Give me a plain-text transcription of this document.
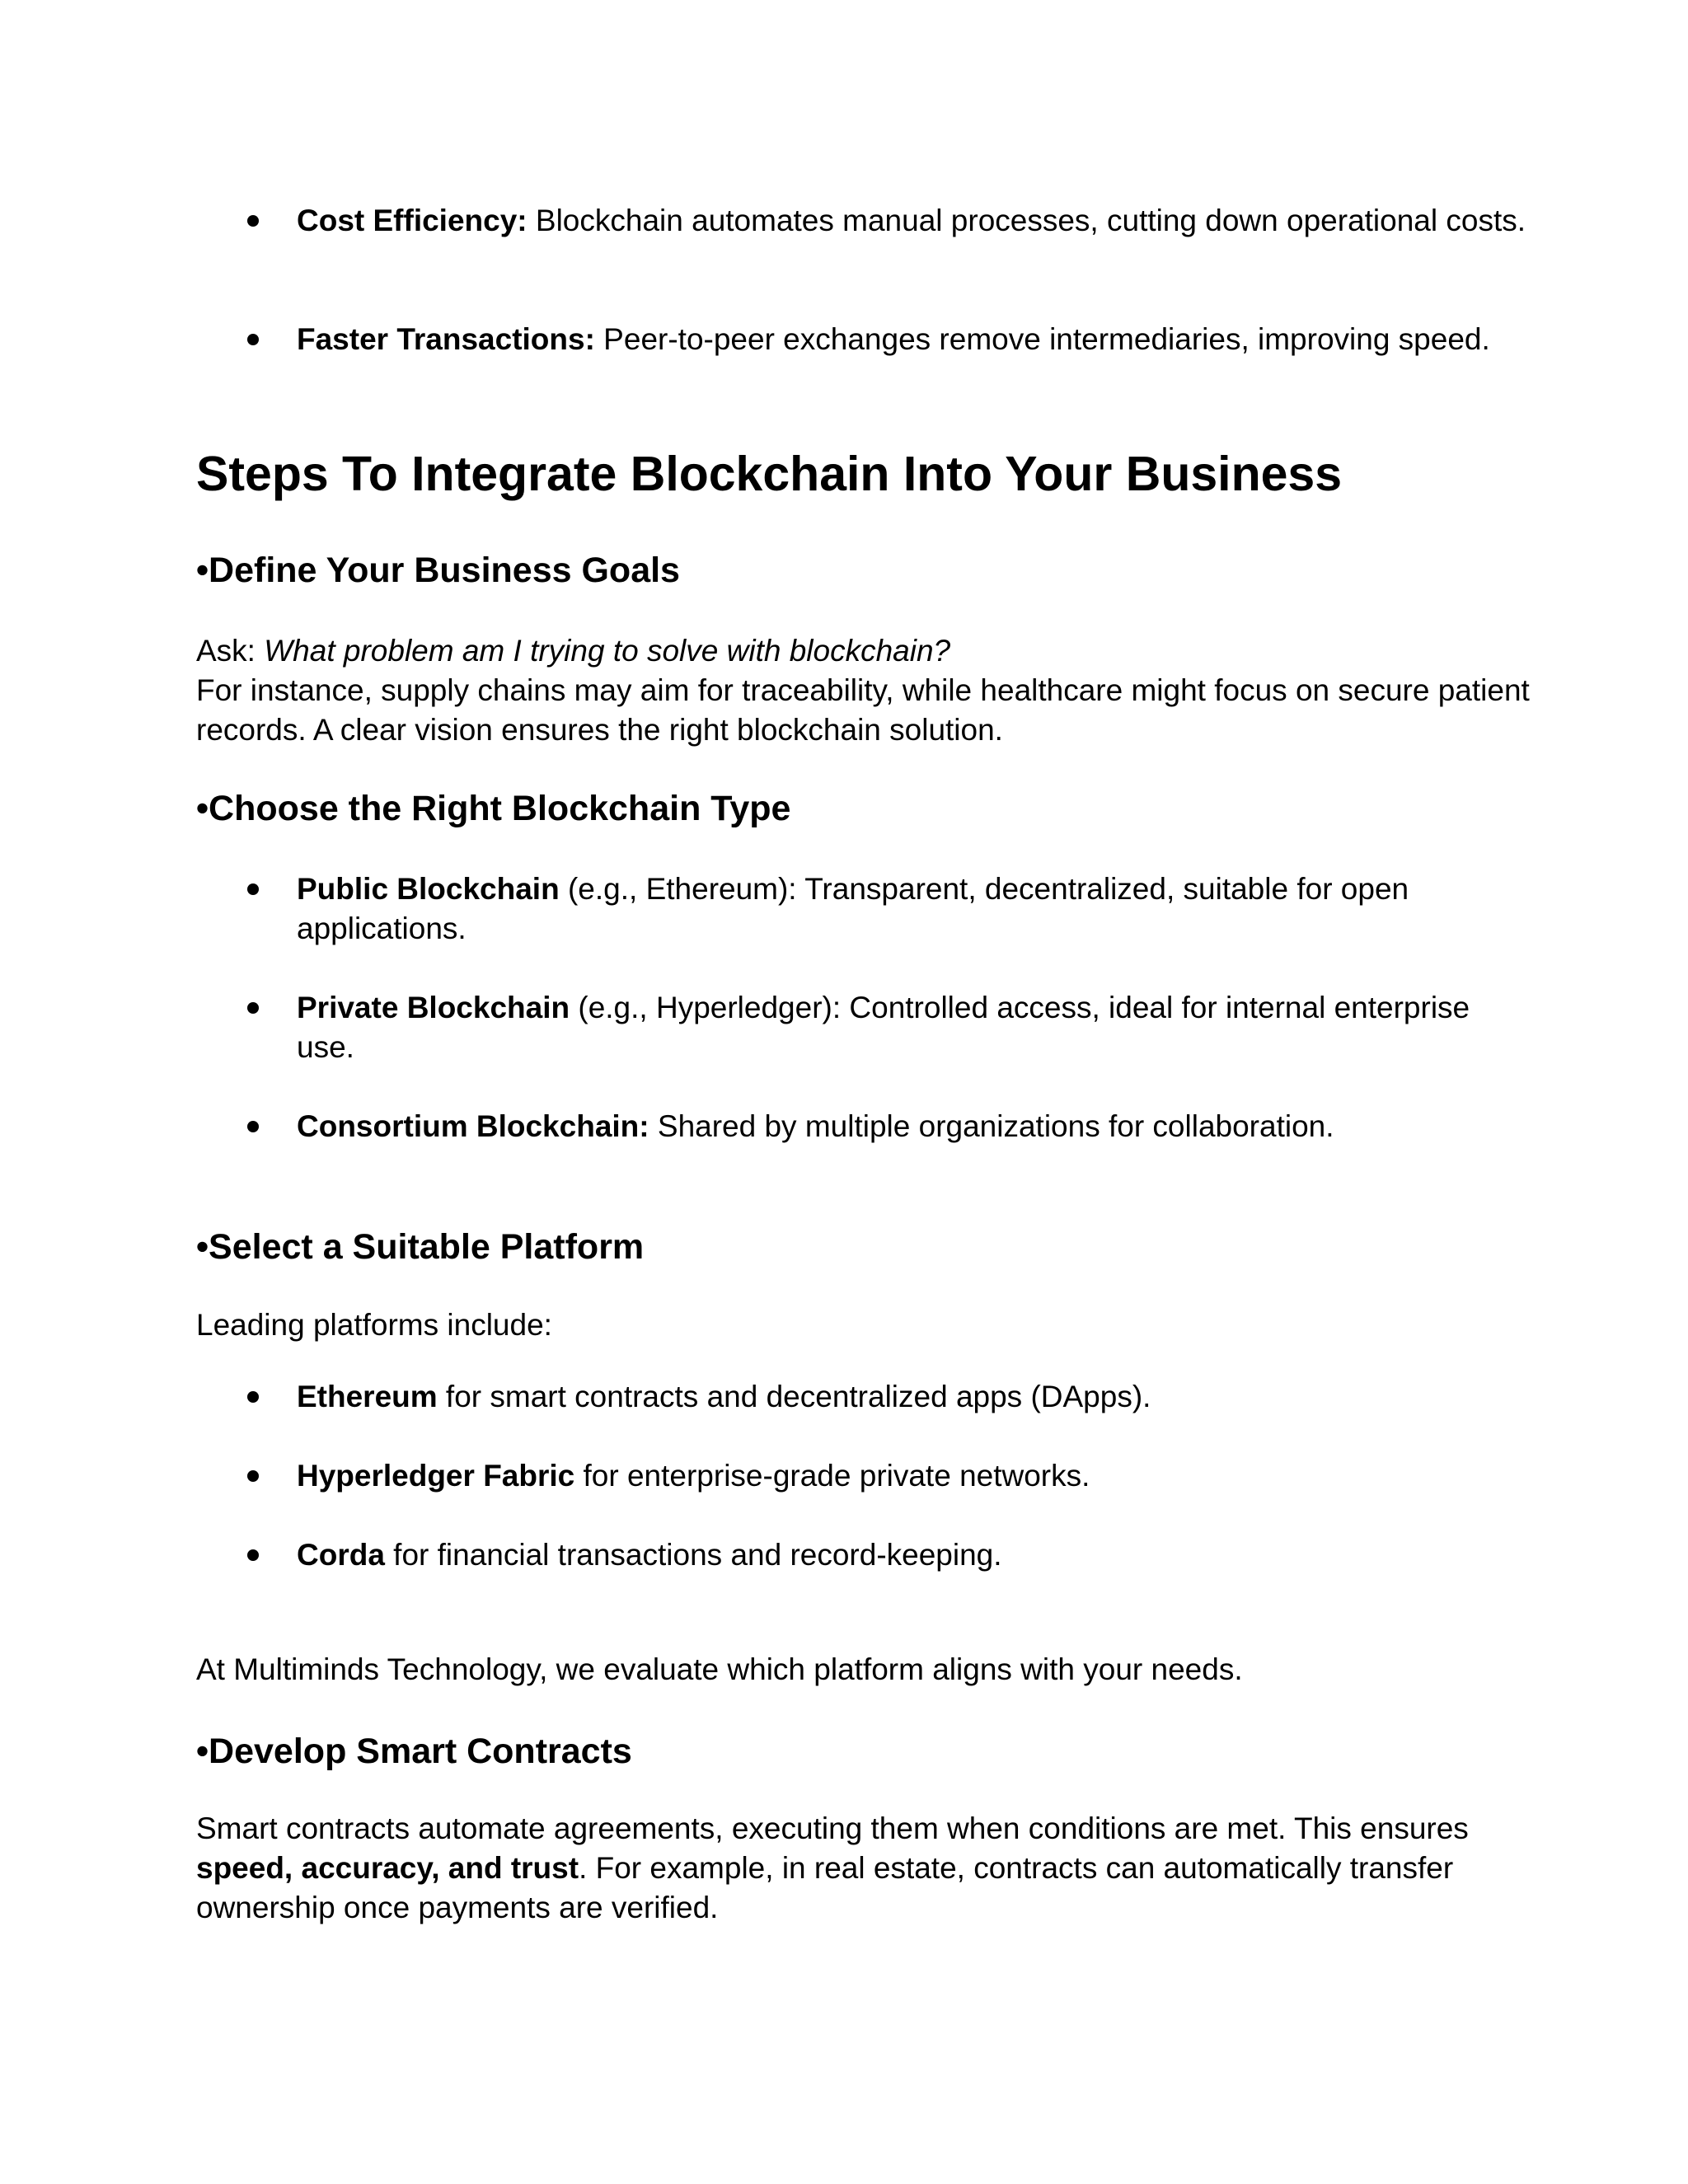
Cost Efficiency: Blockchain automates manual processes, cutting down operational costs.
Faster Transactions: Peer-to-peer exchanges remove intermediaries, improving speed.
Steps To Integrate Blockchain Into Your Business
•Define Your Business Goals
Ask: What problem am I trying to solve with blockchain?
For instance, supply chains may aim for traceability, while healthcare might focus on secure patient records. A clear vision ensures the right blockchain solution.
•Choose the Right Blockchain Type
Public Blockchain (e.g., Ethereum): Transparent, decentralized, suitable for open applications.
Private Blockchain (e.g., Hyperledger): Controlled access, ideal for internal enterprise use.
Consortium Blockchain: Shared by multiple organizations for collaboration.
•Select a Suitable Platform
Leading platforms include:
Ethereum for smart contracts and decentralized apps (DApps).
Hyperledger Fabric for enterprise-grade private networks.
Corda for financial transactions and record-keeping.
At Multiminds Technology, we evaluate which platform aligns with your needs.
•Develop Smart Contracts
Smart contracts automate agreements, executing them when conditions are met. This ensures speed, accuracy, and trust. For example, in real estate, contracts can automatically transfer ownership once payments are verified.
